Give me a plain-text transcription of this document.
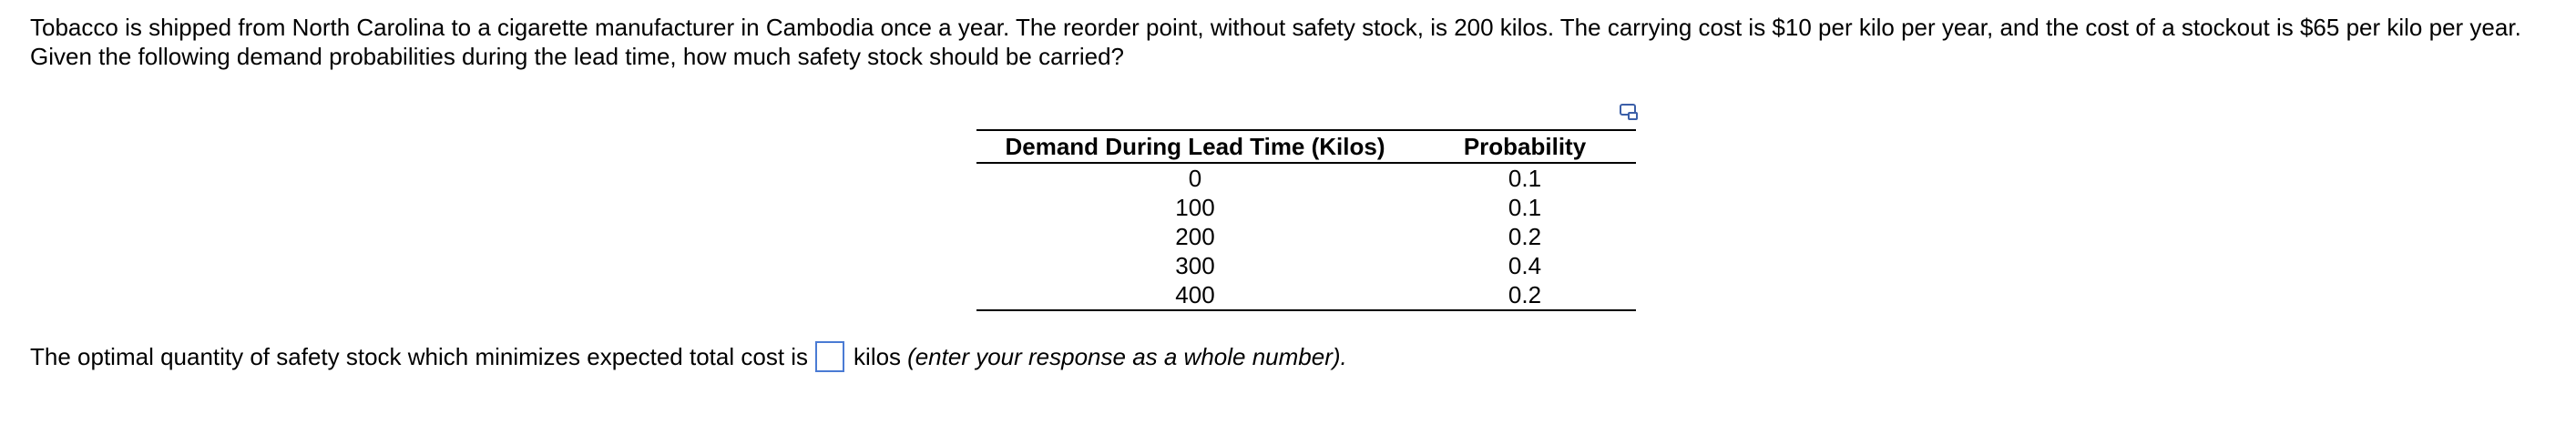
Tobacco is shipped from North Carolina to a cigarette manufacturer in Cambodia once a year. The reorder point, without safety stock, is 200 kilos. The carrying cost is $10 per kilo per year, and the cost of a stockout is $65 per kilo per year.
Given the following demand probabilities during the lead time, how much safety stock should be carried?
Demand During Lead Time (Kilos)	Probability
0	0.1
100	0.1
200	0.2
300	0.4
400	0.2
The optimal quantity of safety stock which minimizes expected total cost is kilos (enter your response as a whole number).
